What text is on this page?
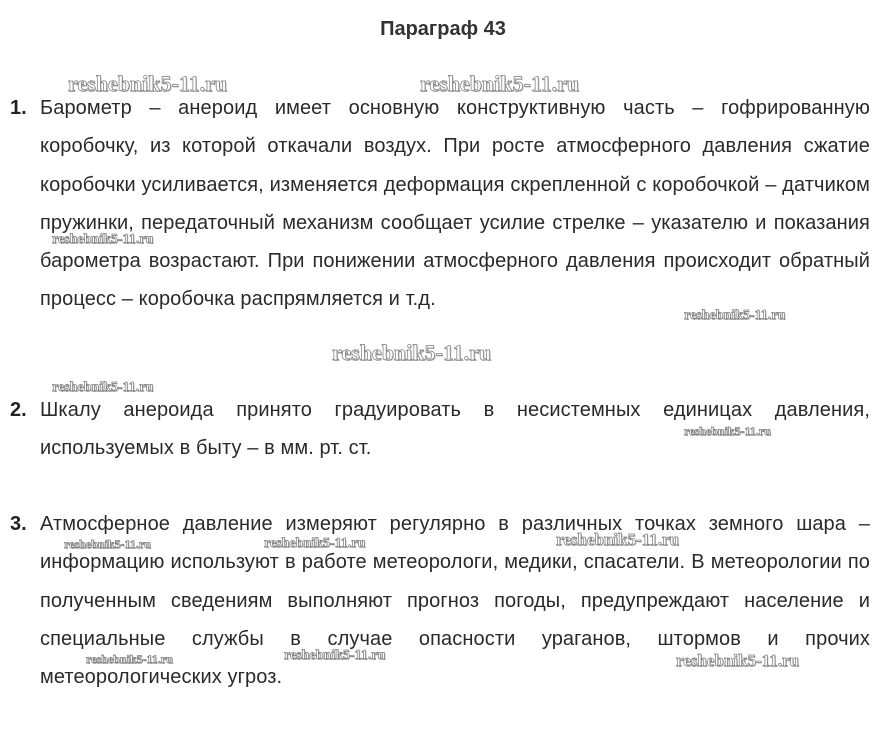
Параграф 43
1. Барометр – анероид имеет основную конструктивную часть – гофрированную коробочку, из которой откачали воздух. При росте атмосферного давления сжатие коробочки усиливается, изменяется деформация скрепленной с коробочкой – датчиком пружинки, передаточный механизм сообщает усилие стрелке – указателю и показания барометра возрастают. При понижении атмосферного давления происходит обратный процесс – коробочка распрямляется и т.д.
2. Шкалу анероида принято градуировать в несистемных единицах давления, используемых в быту – в мм. рт. ст.
3. Атмосферное давление измеряют регулярно в различных точках земного шара – информацию используют в работе метеорологи, медики, спасатели. В метеорологии по полученным сведениям выполняют прогноз погоды, предупреждают население и специальные службы в случае опасности ураганов, штормов и прочих метеорологических угроз.
reshebnik5-11.ru	reshebnik5-11.ru
reshebnik5-11.ru
reshebnik5-11.ru
reshebnik5-11.ru
reshebnik5-11.ru
reshebnik5-11.ru
reshebnik5-11.ru	reshebnik5-11.ru	reshebnik5-11.ru
reshebnik5-11.ru	reshebnik5-11.ru	reshebnik5-11.ru
